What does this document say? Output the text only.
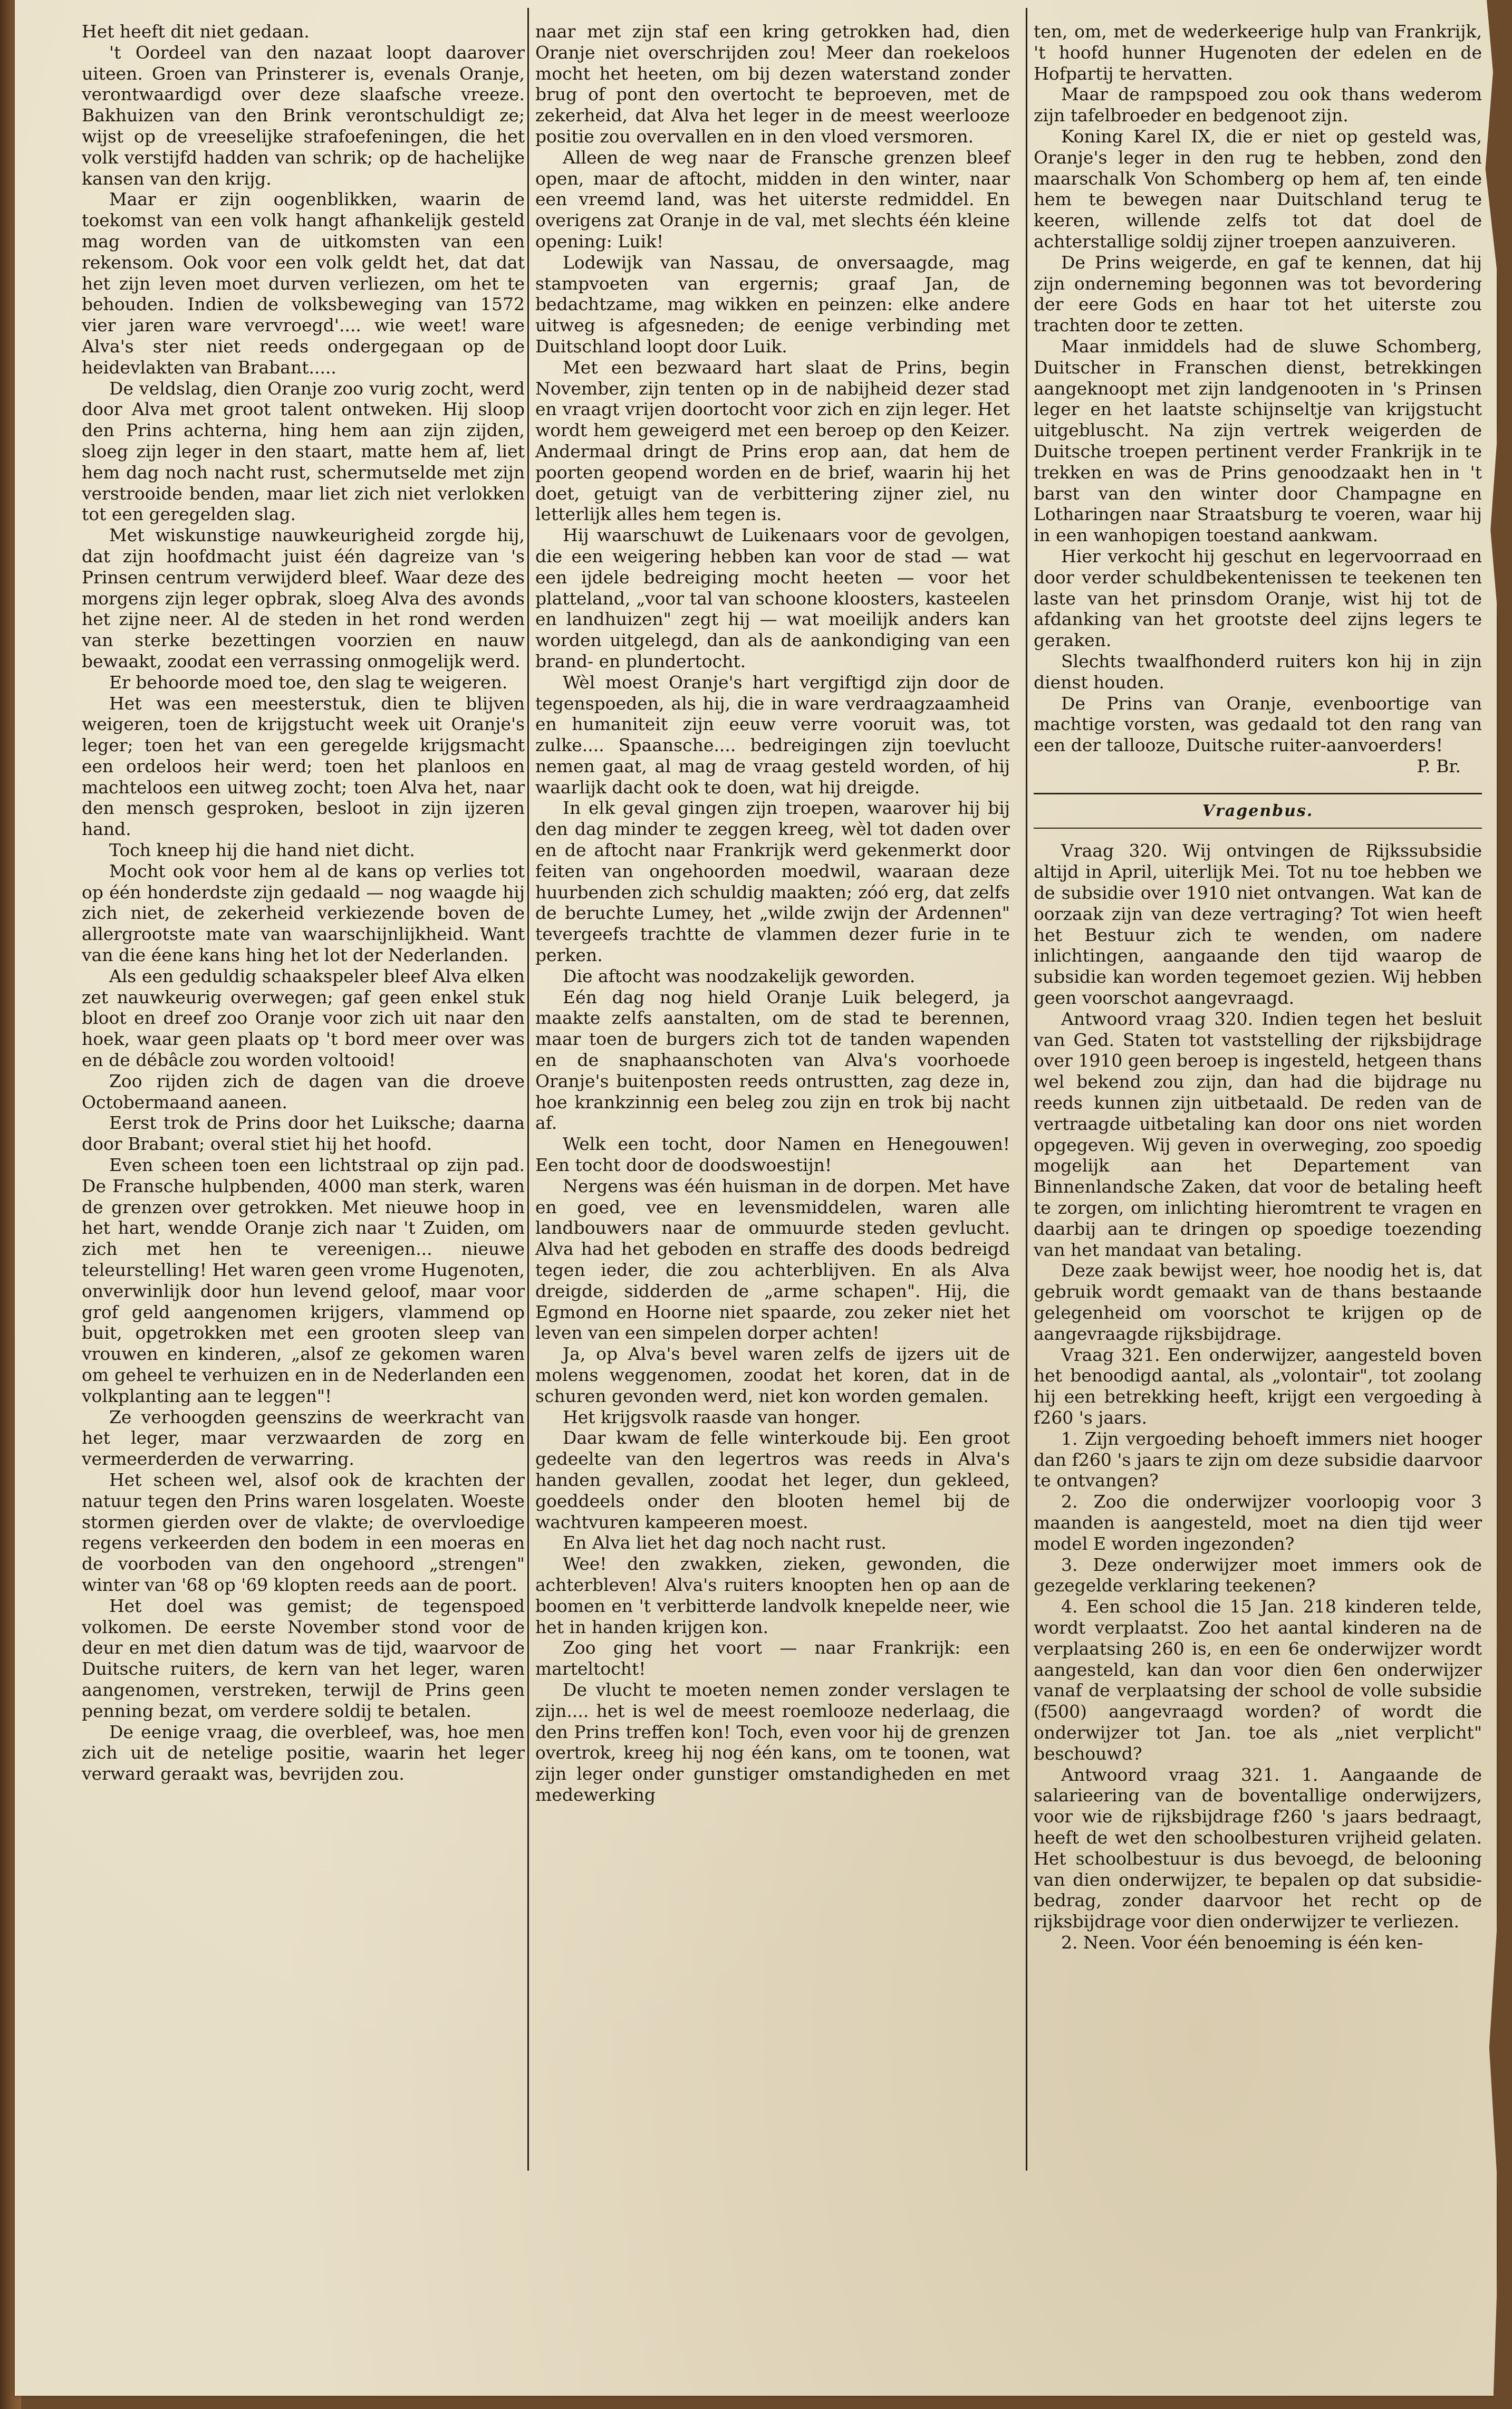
Het heeft dit niet gedaan.

't Oordeel van den nazaat loopt daarover uiteen. Groen van Prinsterer is, evenals Oranje, verontwaardigd over deze slaafsche vreeze. Bakhuizen van den Brink verontschuldigt ze; wijst op de vreeselijke strafoefeningen, die het volk verstijfd hadden van schrik; op de hachelijke kansen van den krijg.

Maar er zijn oogenblikken, waarin de toekomst van een volk hangt afhankelijk gesteld mag worden van de uitkomsten van een rekensom. Ook voor een volk geldt het, dat dat het zijn leven moet durven verliezen, om het te behouden. Indien de volksbeweging van 1572 vier jaren ware vervroegd'.... wie weet! ware Alva's ster niet reeds ondergegaan op de heidevlakten van Brabant.....

De veldslag, dien Oranje zoo vurig zocht, werd door Alva met groot talent ontweken. Hij sloop den Prins achterna, hing hem aan zijn zijden, sloeg zijn leger in den staart, matte hem af, liet hem dag noch nacht rust, schermutselde met zijn verstrooide benden, maar liet zich niet verlokken tot een geregelden slag.

Met wiskunstige nauwkeurigheid zorgde hij, dat zijn hoofdmacht juist één dagreize van 's Prinsen centrum verwijderd bleef. Waar deze des morgens zijn leger opbrak, sloeg Alva des avonds het zijne neer. Al de steden in het rond werden van sterke bezettingen voorzien en nauw bewaakt, zoodat een verrassing onmogelijk werd.

Er behoorde moed toe, den slag te weigeren.

Het was een meesterstuk, dien te blijven weigeren, toen de krijgstucht week uit Oranje's leger; toen het van een geregelde krijgsmacht een ordeloos heir werd; toen het planloos en machteloos een uitweg zocht; toen Alva het, naar den mensch gesproken, besloot in zijn ijzeren hand.

Toch kneep hij die hand niet dicht.

Mocht ook voor hem al de kans op verlies tot op één honderdste zijn gedaald — nog waagde hij zich niet, de zekerheid verkiezende boven de allergrootste mate van waarschijnlijkheid. Want van die éene kans hing het lot der Nederlanden.

Als een geduldig schaakspeler bleef Alva elken zet nauwkeurig overwegen; gaf geen enkel stuk bloot en dreef zoo Oranje voor zich uit naar den hoek, waar geen plaats op 't bord meer over was en de débâcle zou worden voltooid!

Zoo rijden zich de dagen van die droeve Octobermaand aaneen.

Eerst trok de Prins door het Luiksche; daarna door Brabant; overal stiet hij het hoofd.

Even scheen toen een lichtstraal op zijn pad. De Fransche hulpbenden, 4000 man sterk, waren de grenzen over getrokken. Met nieuwe hoop in het hart, wendde Oranje zich naar 't Zuiden, om zich met hen te vereenigen... nieuwe teleurstelling! Het waren geen vrome Hugenoten, onverwinlijk door hun levend geloof, maar voor grof geld aangenomen krijgers, vlammend op buit, opgetrokken met een grooten sleep van vrouwen en kinderen, „alsof ze gekomen waren om geheel te verhuizen en in de Nederlanden een volkplanting aan te leggen"!

Ze verhoogden geenszins de weerkracht van het leger, maar verzwaarden de zorg en vermeerderden de verwarring.

Het scheen wel, alsof ook de krachten der natuur tegen den Prins waren losgelaten. Woeste stormen gierden over de vlakte; de overvloedige regens verkeerden den bodem in een moeras en de voorboden van den ongehoord „strengen" winter van '68 op '69 klopten reeds aan de poort.

Het doel was gemist; de tegenspoed volkomen. De eerste November stond voor de deur en met dien datum was de tijd, waarvoor de Duitsche ruiters, de kern van het leger, waren aangenomen, verstreken, terwijl de Prins geen penning bezat, om verdere soldij te betalen.

De eenige vraag, die overbleef, was, hoe men zich uit de netelige positie, waarin het leger verward geraakt was, bevrijden zou.

naar met zijn staf een kring getrokken had, dien Oranje niet overschrijden zou! Meer dan roekeloos mocht het heeten, om bij dezen waterstand zonder brug of pont den overtocht te beproeven, met de zekerheid, dat Alva het leger in de meest weerlooze positie zou overvallen en in den vloed versmoren.

Alleen de weg naar de Fransche grenzen bleef open, maar de aftocht, midden in den winter, naar een vreemd land, was het uiterste redmiddel. En overigens zat Oranje in de val, met slechts één kleine opening: Luik!

Lodewijk van Nassau, de onversaagde, mag stampvoeten van ergernis; graaf Jan, de bedachtzame, mag wikken en peinzen: elke andere uitweg is afgesneden; de eenige verbinding met Duitschland loopt door Luik.

Met een bezwaard hart slaat de Prins, begin November, zijn tenten op in de nabijheid dezer stad en vraagt vrijen doortocht voor zich en zijn leger. Het wordt hem geweigerd met een beroep op den Keizer. Andermaal dringt de Prins erop aan, dat hem de poorten geopend worden en de brief, waarin hij het doet, getuigt van de verbittering zijner ziel, nu letterlijk alles hem tegen is.

Hij waarschuwt de Luikenaars voor de gevolgen, die een weigering hebben kan voor de stad — wat een ijdele bedreiging mocht heeten — voor het platteland, „voor tal van schoone kloosters, kasteelen en landhuizen" zegt hij — wat moeilijk anders kan worden uitgelegd, dan als de aankondiging van een brand- en plundertocht.

Wèl moest Oranje's hart vergiftigd zijn door de tegenspoeden, als hij, die in ware verdraagzaamheid en humaniteit zijn eeuw verre vooruit was, tot zulke.... Spaansche.... bedreigingen zijn toevlucht nemen gaat, al mag de vraag gesteld worden, of hij waarlijk dacht ook te doen, wat hij dreigde.

In elk geval gingen zijn troepen, waarover hij bij den dag minder te zeggen kreeg, wèl tot daden over en de aftocht naar Frankrijk werd gekenmerkt door feiten van ongehoorden moedwil, waaraan deze huurbenden zich schuldig maakten; zóó erg, dat zelfs de beruchte Lumey, het „wilde zwijn der Ardennen" tevergeefs trachtte de vlammen dezer furie in te perken.

Die aftocht was noodzakelijk geworden.

Eén dag nog hield Oranje Luik belegerd, ja maakte zelfs aanstalten, om de stad te berennen, maar toen de burgers zich tot de tanden wapenden en de snaphaanschoten van Alva's voorhoede Oranje's buitenposten reeds ontrustten, zag deze in, hoe krankzinnig een beleg zou zijn en trok bij nacht af.

Welk een tocht, door Namen en Henegouwen! Een tocht door de doodswoestijn!

Nergens was één huisman in de dorpen. Met have en goed, vee en levensmiddelen, waren alle landbouwers naar de ommuurde steden gevlucht. Alva had het geboden en straffe des doods bedreigd tegen ieder, die zou achterblijven. En als Alva dreigde, sidderden de „arme schapen". Hij, die Egmond en Hoorne niet spaarde, zou zeker niet het leven van een simpelen dorper achten!

Ja, op Alva's bevel waren zelfs de ijzers uit de molens weggenomen, zoodat het koren, dat in de schuren gevonden werd, niet kon worden gemalen.

Het krijgsvolk raasde van honger.

Daar kwam de felle winterkoude bij. Een groot gedeelte van den legertros was reeds in Alva's handen gevallen, zoodat het leger, dun gekleed, goeddeels onder den blooten hemel bij de wachtvuren kampeeren moest.

En Alva liet het dag noch nacht rust.

Wee! den zwakken, zieken, gewonden, die achterbleven! Alva's ruiters knoopten hen op aan de boomen en 't verbitterde landvolk knepelde neer, wie het in handen krijgen kon.

Zoo ging het voort — naar Frankrijk: een marteltocht!

De vlucht te moeten nemen zonder verslagen te zijn.... het is wel de meest roemlooze nederlaag, die den Prins treffen kon! Toch, even voor hij de grenzen overtrok, kreeg hij nog één kans, om te toonen, wat zijn leger onder gunstiger omstandigheden en met medewerking

ten, om, met de wederkeerige hulp van Frankrijk, 't hoofd hunner Hugenoten der edelen en de Hofpartij te hervatten.

Maar de rampspoed zou ook thans wederom zijn tafelbroeder en bedgenoot zijn.

Koning Karel IX, die er niet op gesteld was, Oranje's leger in den rug te hebben, zond den maarschalk Von Schomberg op hem af, ten einde hem te bewegen naar Duitschland terug te keeren, willende zelfs tot dat doel de achterstallige soldij zijner troepen aanzuiveren.

De Prins weigerde, en gaf te kennen, dat hij zijn onderneming begonnen was tot bevordering der eere Gods en haar tot het uiterste zou trachten door te zetten.

Maar inmiddels had de sluwe Schomberg, Duitscher in Franschen dienst, betrekkingen aangeknoopt met zijn landgenooten in 's Prinsen leger en het laatste schijnseltje van krijgstucht uitgebluscht. Na zijn vertrek weigerden de Duitsche troepen pertinent verder Frankrijk in te trekken en was de Prins genoodzaakt hen in 't barst van den winter door Champagne en Lotharingen naar Straatsburg te voeren, waar hij in een wanhopigen toestand aankwam.

Hier verkocht hij geschut en legervoorraad en door verder schuldbekentenissen te teekenen ten laste van het prinsdom Oranje, wist hij tot de afdanking van het grootste deel zijns legers te geraken.

Slechts twaalfhonderd ruiters kon hij in zijn dienst houden.

De Prins van Oranje, evenboortige van machtige vorsten, was gedaald tot den rang van een der tallooze, Duitsche ruiter-aanvoerders!

P. Br.

Vragenbus.

Vraag 320. Wij ontvingen de Rijkssubsidie altijd in April, uiterlijk Mei. Tot nu toe hebben we de subsidie over 1910 niet ontvangen. Wat kan de oorzaak zijn van deze vertraging? Tot wien heeft het Bestuur zich te wenden, om nadere inlichtingen, aangaande den tijd waarop de subsidie kan worden tegemoet gezien. Wij hebben geen voorschot aangevraagd.

Antwoord vraag 320. Indien tegen het besluit van Ged. Staten tot vaststelling der rijksbijdrage over 1910 geen beroep is ingesteld, hetgeen thans wel bekend zou zijn, dan had die bijdrage nu reeds kunnen zijn uitbetaald. De reden van de vertraagde uitbetaling kan door ons niet worden opgegeven. Wij geven in overweging, zoo spoedig mogelijk aan het Departement van Binnenlandsche Zaken, dat voor de betaling heeft te zorgen, om inlichting hieromtrent te vragen en daarbij aan te dringen op spoedige toezending van het mandaat van betaling.

Deze zaak bewijst weer, hoe noodig het is, dat gebruik wordt gemaakt van de thans bestaande gelegenheid om voorschot te krijgen op de aangevraagde rijksbijdrage.

Vraag 321. Een onderwijzer, aangesteld boven het benoodigd aantal, als „volontair", tot zoolang hij een betrekking heeft, krijgt een vergoeding à f260 's jaars.

1. Zijn vergoeding behoeft immers niet hooger dan f260 's jaars te zijn om deze subsidie daarvoor te ontvangen?

2. Zoo die onderwijzer voorloopig voor 3 maanden is aangesteld, moet na dien tijd weer model E worden ingezonden?

3. Deze onderwijzer moet immers ook de gezegelde verklaring teekenen?

4. Een school die 15 Jan. 218 kinderen telde, wordt verplaatst. Zoo het aantal kinderen na de verplaatsing 260 is, en een 6e onderwijzer wordt aangesteld, kan dan voor dien 6en onderwijzer vanaf de verplaatsing der school de volle subsidie (f500) aangevraagd worden? of wordt die onderwijzer tot Jan. toe als „niet verplicht" beschouwd?

Antwoord vraag 321. 1. Aangaande de salarieering van de boventallige onderwijzers, voor wie de rijksbijdrage f260 's jaars bedraagt, heeft de wet den schoolbesturen vrijheid gelaten. Het schoolbestuur is dus bevoegd, de belooning van dien onderwijzer, te bepalen op dat subsidie-bedrag, zonder daarvoor het recht op de rijksbijdrage voor dien onderwijzer te verliezen.

2. Neen. Voor één benoeming is één ken-
